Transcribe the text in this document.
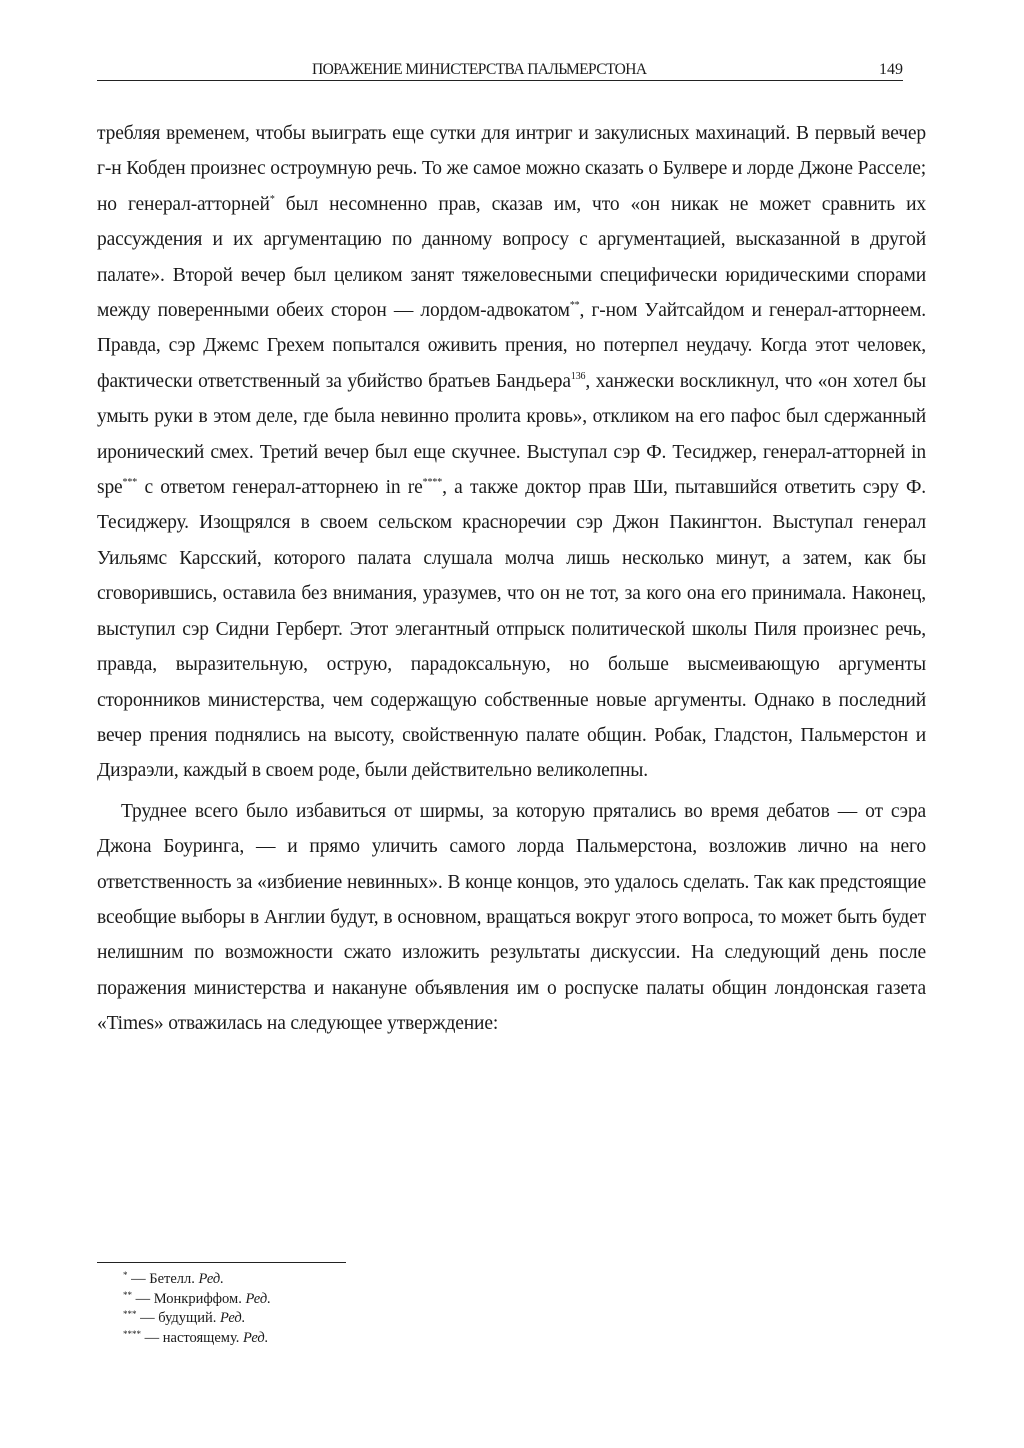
ПОРАЖЕНИЕ МИНИСТЕРСТВА ПАЛЬМЕРСТОНА	149

требляя временем, чтобы выиграть еще сутки для интриг и закулисных махинаций. В первый вечер г-н Кобден произнес остроумную речь. То же самое можно сказать о Булвере и лорде Джоне Расселе; но генерал-атторней* был несомненно прав, сказав им, что «он никак не может сравнить их рассуждения и их аргументацию по данному вопросу с аргументацией, высказанной в другой палате». Второй вечер был целиком занят тяжеловесными специфически юридическими спорами между поверенными обеих сторон — лордом-адвокатом**, г-ном Уайтсайдом и генерал-атторнеем. Правда, сэр Джемс Грехем попытался оживить прения, но потерпел неудачу. Когда этот человек, фактически ответственный за убийство братьев Бандьера$^{136}$, ханжески воскликнул, что «он хотел бы умыть руки в этом деле, где была невинно пролита кровь», откликом на его пафос был сдержанный иронический смех. Третий вечер был еще скучнее. Выступал сэр Ф. Тесиджер, генерал-атторней in spe*** с ответом генерал-атторнею in re****, а также доктор прав Ши, пытавшийся ответить сэру Ф. Тесиджеру. Изощрялся в своем сельском красноречии сэр Джон Пакингтон. Выступал генерал Уильямс Карсский, которого палата слушала молча лишь несколько минут, а затем, как бы сговорившись, оставила без внимания, уразумев, что он не тот, за кого она его принимала. Наконец, выступил сэр Сидни Герберт. Этот элегантный отпрыск политической школы Пиля произнес речь, правда, выразительную, острую, парадоксальную, но больше высмеивающую аргументы сторонников министерства, чем содержащую собственные новые аргументы. Однако в последний вечер прения поднялись на высоту, свойственную палате общин. Робак, Гладстон, Пальмерстон и Дизраэли, каждый в своем роде, были действительно великолепны.

Труднее всего было избавиться от ширмы, за которую прятались во время дебатов — от сэра Джона Боуринга, — и прямо уличить самого лорда Пальмерстона, возложив лично на него ответственность за «избиение невинных». В конце концов, это удалось сделать. Так как предстоящие всеобщие выборы в Англии будут, в основном, вращаться вокруг этого вопроса, то может быть будет нелишним по возможности сжато изложить результаты дискуссии. На следующий день после поражения министерства и накануне объявления им о роспуске палаты общин лондонская газета «Times» отважилась на следующее утверждение:

* — Бетелл. Ред.
** — Монкриффом. Ред.
*** — будущий. Ред.
**** — настоящему. Ред.
